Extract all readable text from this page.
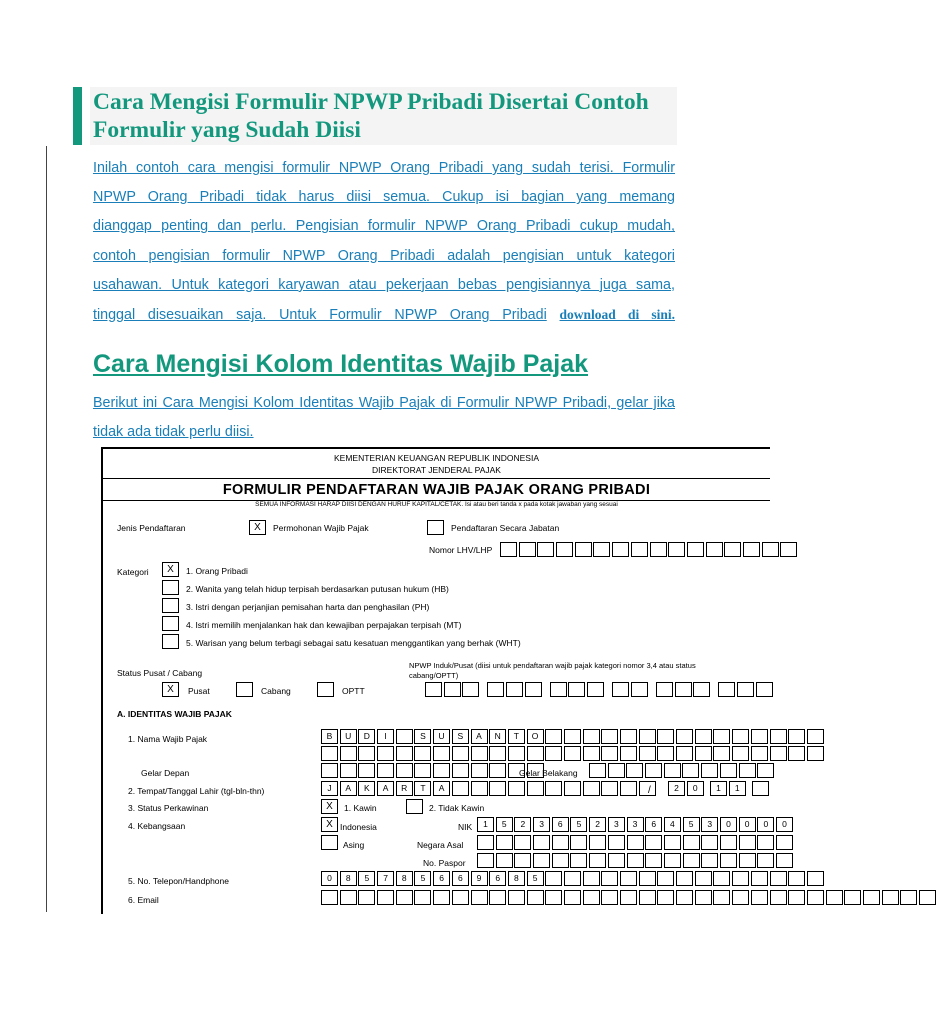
Cara Mengisi Formulir NPWP Pribadi Disertai Contoh Formulir yang Sudah Diisi
Inilah contoh cara mengisi formulir NPWP Orang Pribadi yang sudah terisi. Formulir
NPWP Orang Pribadi tidak harus diisi semua. Cukup isi bagian yang memang
dianggap penting dan perlu. Pengisian formulir NPWP Orang Pribadi cukup mudah,
contoh pengisian formulir NPWP Orang Pribadi adalah pengisian untuk kategori
usahawan. Untuk kategori karyawan atau pekerjaan bebas pengisiannya juga sama,
tinggal disesuaikan saja. Untuk Formulir NPWP Orang Pribadi download di sini.
Cara Mengisi Kolom Identitas Wajib Pajak
Berikut ini Cara Mengisi Kolom Identitas Wajib Pajak di Formulir NPWP Pribadi, gelar jika tidak ada tidak perlu diisi.
KEMENTERIAN KEUANGAN REPUBLIK INDONESIA
DIREKTORAT JENDERAL PAJAK
FORMULIR PENDAFTARAN WAJIB PAJAK ORANG PRIBADI
SEMUA INFORMASI HARAP DIISI DENGAN HURUF KAPITAL/CETAK. Isi atau beri tanda x pada kotak jawaban yang sesuai
Jenis Pendaftaran	X	Permohonan Wajib Pajak	Pendaftaran Secara Jabatan
Nomor LHV/LHP
Kategori	X	1. Orang Pribadi
2. Wanita yang telah hidup terpisah berdasarkan putusan hukum (HB)
3. Istri dengan perjanjian pemisahan harta dan penghasilan (PH)
4. Istri memilih menjalankan hak dan kewajiban perpajakan terpisah (MT)
5. Warisan yang belum terbagi sebagai satu kesatuan menggantikan yang berhak (WHT)
Status Pusat / Cabang
NPWP Induk/Pusat (diisi untuk pendaftaran wajib pajak kategori nomor 3,4 atau status cabang/OPTT)
X	Pusat	Cabang	OPTT
A. IDENTITAS WAJIB PAJAK
1. Nama Wajib Pajak	B	U	D	I	S	U	S	A	N	T	O
Gelar Depan	Gelar Belakang
2. Tempat/Tanggal Lahir (tgl-bln-thn)	J	A	K	A	R	T	A	/	2	0	1	1
3. Status Perkawinan	X	1. Kawin	2. Tidak Kawin
4. Kebangsaan	X Indonesia	NIK	1	5	2	3	6	5	2	3	3	6	4	5	3	0	0	0	0
Asing	Negara Asal
No. Paspor
5. No. Telepon/Handphone	0	8	5	7	8	5	6	6	9	6	8	5
6. Email
